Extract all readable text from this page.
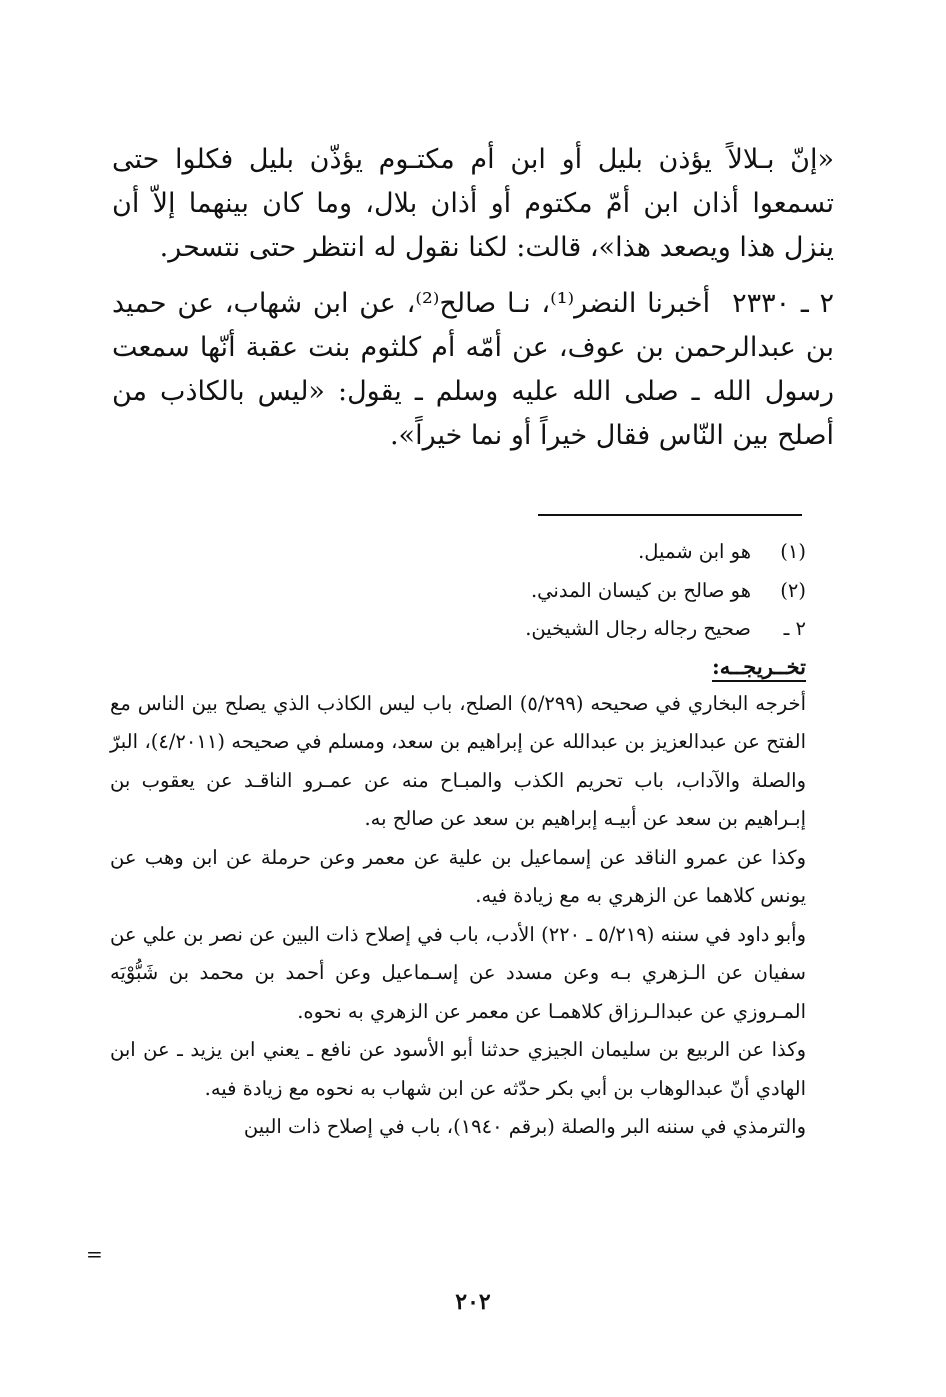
«إنّ بـلالاً يؤذن بليل أو ابن أم مكتـوم يؤذّن بليل فكلوا حتى تسمعوا أذان ابن أمّ مكتوم أو أذان بلال، وما كان بينهما إلاّ أن ينزل هذا ويصعد هذا»، قالت: لكنا نقول له انتظر حتى نتسحر.

٢ ـ ٢٣٣٠أخبرنا النضر⁽¹⁾، نـا صالح⁽²⁾، عن ابن شهاب، عن حميد بن عبدالرحمن بن عوف، عن أمّه أم كلثوم بنت عقبة أنّها سمعت رسول الله ـ صلى الله عليه وسلم ـ يقول: «ليس بالكاذب من أصلح بين النّاس فقال خيراً أو نما خيراً».

(١)
هو ابن شميل.
(٢)
هو صالح بن كيسان المدني.
٢ ـ
صحيح رجاله رجال الشيخين.
تخــريجــه:

أخرجه البخاري في صحيحه (٥/٢٩٩) الصلح، باب ليس الكاذب الذي يصلح بين الناس مع الفتح عن عبدالعزيز بن عبدالله عن إبراهيم بن سعد، ومسلم في صحيحه (٤/٢٠١١)، البرّ والصلة والآداب، باب تحريم الكذب والمبـاح منه عن عمـرو الناقـد عن يعقوب بن إبـراهيم بن سعد عن أبيـه إبراهيم بن سعد عن صالح به.

وكذا عن عمرو الناقد عن إسماعيل بن علية عن معمر وعن حرملة عن ابن وهب عن يونس كلاهما عن الزهري به مع زيادة فيه.

وأبو داود في سننه (٥/٢١٩ ـ ٢٢٠) الأدب، باب في إصلاح ذات البين عن نصر بن علي عن سفيان عن الـزهري بـه وعن مسدد عن إسـماعيل وعن أحمد بن محمد بن شَبُّوْيَه المـروزي عن عبدالـرزاق كلاهمـا عن معمر عن الزهري به نحوه.

وكذا عن الربيع بن سليمان الجيزي حدثنا أبو الأسود عن نافع ـ يعني ابن يزيد ـ عن ابن الهادي أنّ عبدالوهاب بن أبي بكر حدّثه عن ابن شهاب به نحوه مع زيادة فيه.

والترمذي في سننه البر والصلة (برقم ١٩٤٠)، باب في إصلاح ذات البين

=
٢٠٢
